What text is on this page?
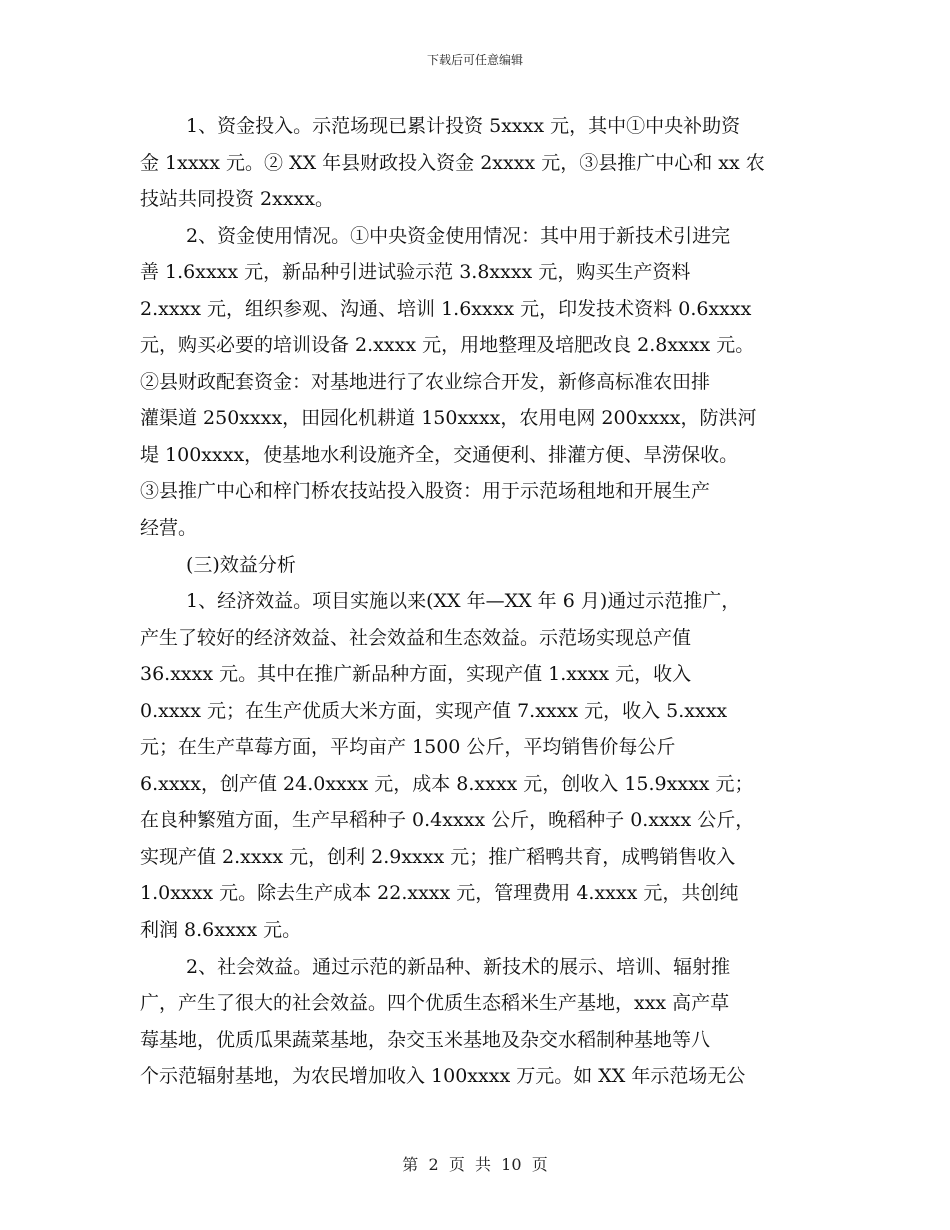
下载后可任意编辑
1、资金投入。示范场现已累计投资 5xxxx 元，其中①中央补助资
金 1xxxx 元。② XX 年县财政投入资金 2xxxx 元，③县推广中心和 xx 农
技站共同投资 2xxxx。
2、资金使用情况。①中央资金使用情况：其中用于新技术引进完
善 1.6xxxx 元，新品种引进试验示范 3.8xxxx 元，购买生产资料
2.xxxx 元，组织参观、沟通、培训 1.6xxxx 元，印发技术资料 0.6xxxx
元，购买必要的培训设备 2.xxxx 元，用地整理及培肥改良 2.8xxxx 元。
②县财政配套资金：对基地进行了农业综合开发，新修高标准农田排
灌渠道 250xxxx，田园化机耕道 150xxxx，农用电网 200xxxx，防洪河
堤 100xxxx，使基地水利设施齐全，交通便利、排灌方便、旱涝保收。
③县推广中心和梓门桥农技站投入股资：用于示范场租地和开展生产
经营。
(三)效益分析
1、经济效益。项目实施以来(XX 年—XX 年 6 月)通过示范推广，
产生了较好的经济效益、社会效益和生态效益。示范场实现总产值
36.xxxx 元。其中在推广新品种方面，实现产值 1.xxxx 元，收入
0.xxxx 元；在生产优质大米方面，实现产值 7.xxxx 元，收入 5.xxxx
元；在生产草莓方面，平均亩产 1500 公斤，平均销售价每公斤
6.xxxx，创产值 24.0xxxx 元，成本 8.xxxx 元，创收入 15.9xxxx 元；
在良种繁殖方面，生产早稻种子 0.4xxxx 公斤，晚稻种子 0.xxxx 公斤，
实现产值 2.xxxx 元，创利 2.9xxxx 元；推广稻鸭共育，成鸭销售收入
1.0xxxx 元。除去生产成本 22.xxxx 元，管理费用 4.xxxx 元，共创纯
利润 8.6xxxx 元。
2、社会效益。通过示范的新品种、新技术的展示、培训、辐射推
广，产生了很大的社会效益。四个优质生态稻米生产基地，xxx 高产草
莓基地，优质瓜果蔬菜基地，杂交玉米基地及杂交水稻制种基地等八
个示范辐射基地，为农民增加收入 100xxxx 万元。如 XX 年示范场无公
第  2  页  共  10  页
